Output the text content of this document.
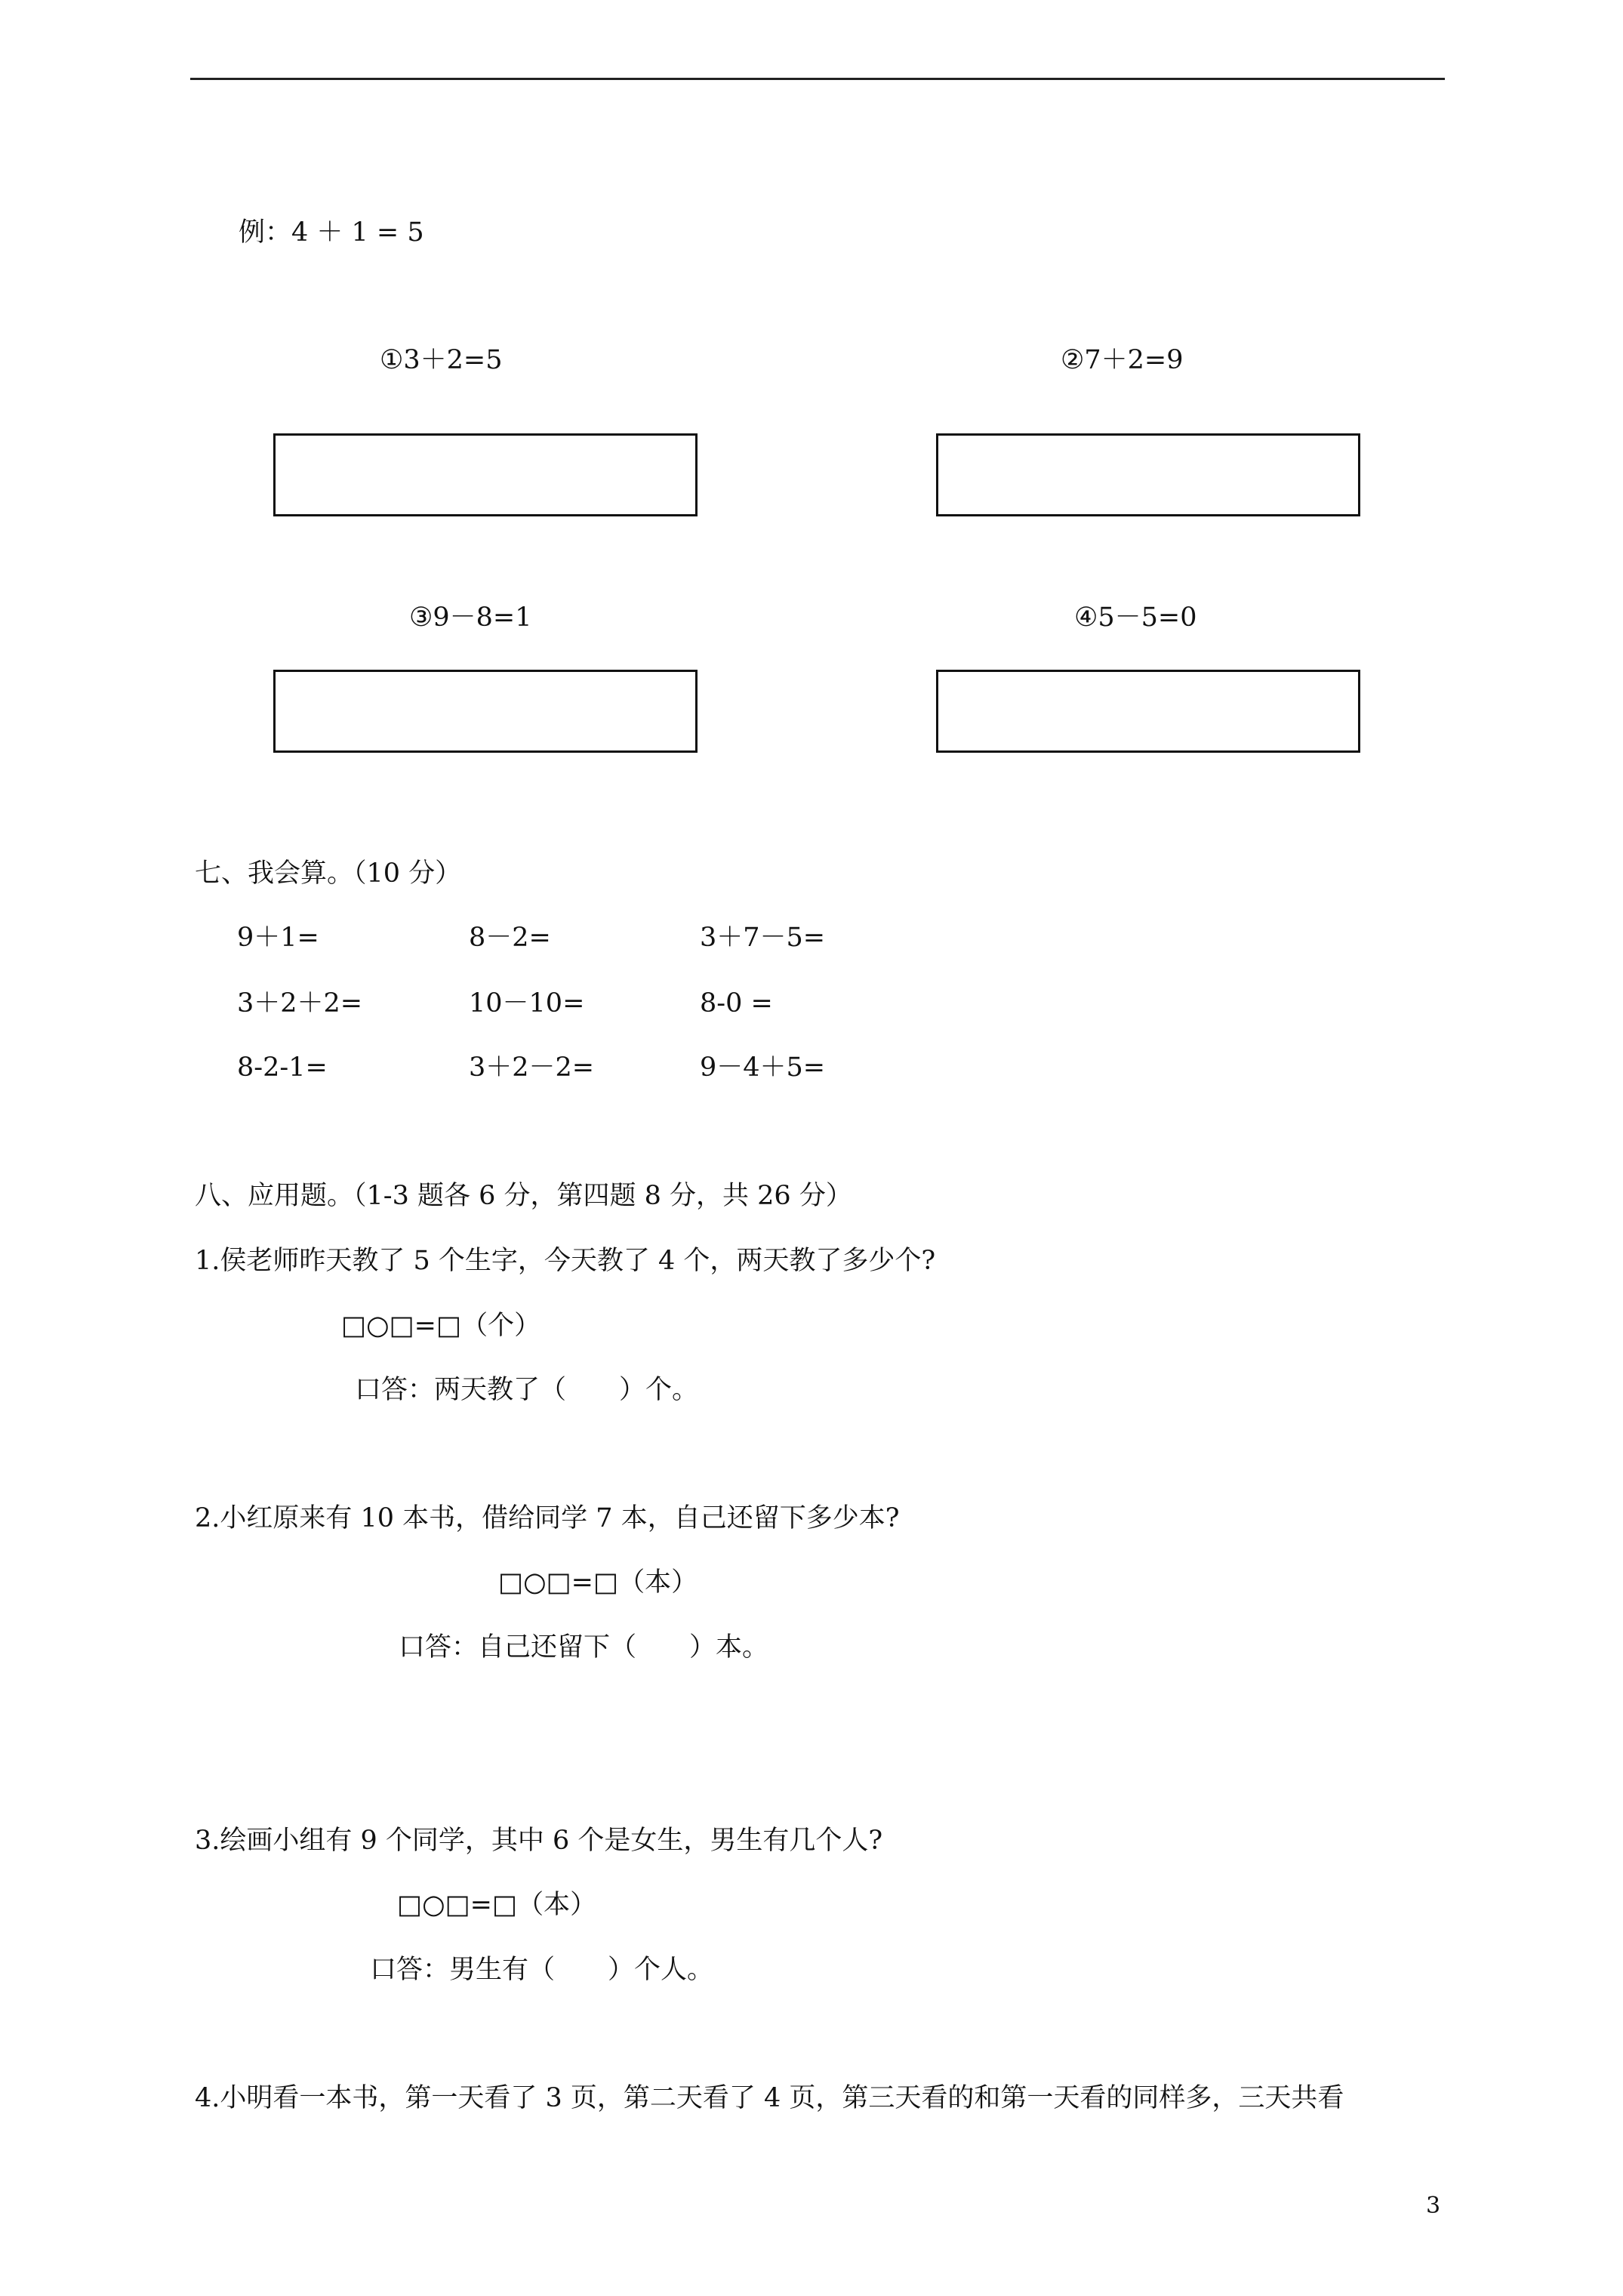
例：4 ＋ 1 = 5
①3＋2=5	②7＋2=9
③9－8=1	④5－5=0
七、我会算。（10 分）
9＋1=	8－2=	3＋7－5=
3＋2＋2=	10－10=	8-0 =
8-2-1=	3＋2－2=	9－4＋5=
八、应用题。（1-3 题各 6 分，第四题 8 分，共 26 分）
1.侯老师昨天教了 5 个生字，今天教了 4 个，两天教了多少个?
□○□=□（个）
口答：两天教了（　　）个。
2.小红原来有 10 本书，借给同学 7 本，自己还留下多少本?
□○□=□（本）
口答：自己还留下（　　）本。
3.绘画小组有 9 个同学，其中 6 个是女生，男生有几个人?
□○□=□（本）
口答：男生有（　　）个人。
4.小明看一本书，第一天看了 3 页，第二天看了 4 页，第三天看的和第一天看的同样多，三天共看
3
